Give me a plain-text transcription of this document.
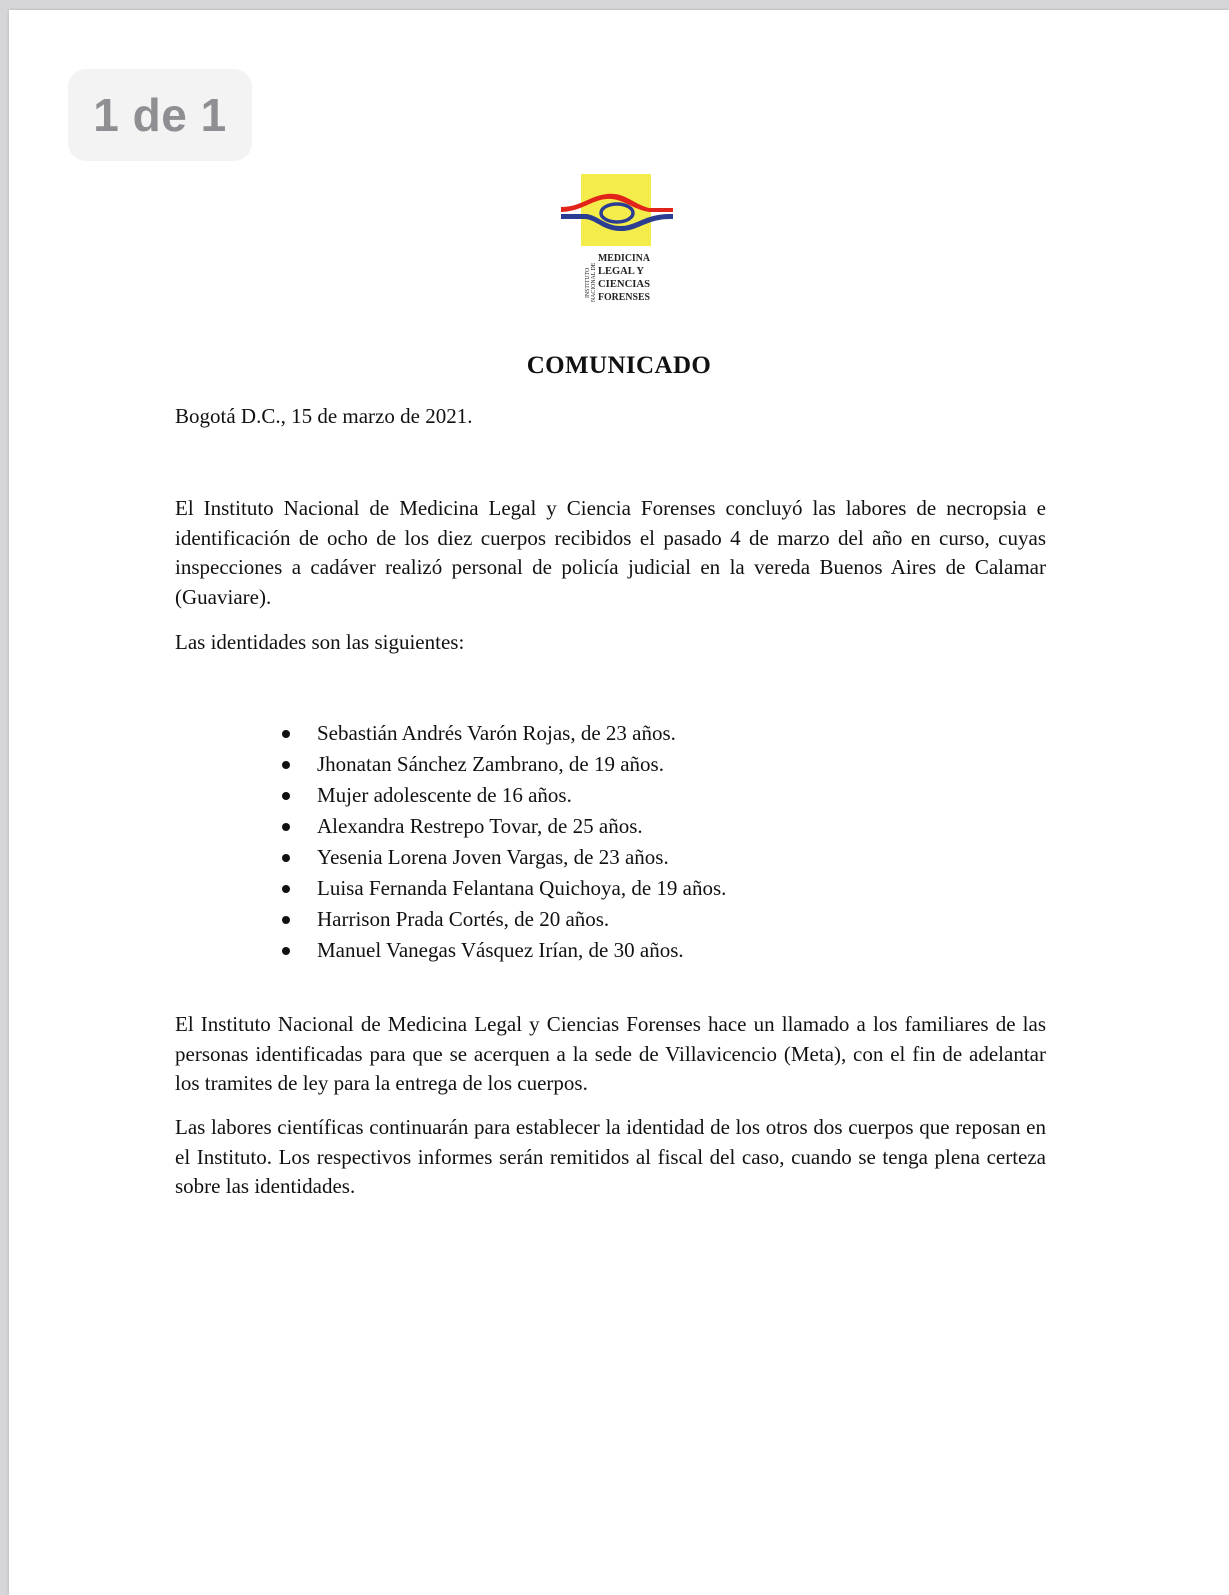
1 de 1
INSTITUTO NACIONAL DE
MEDICINA
LEGAL Y
CIENCIAS
FORENSES
COMUNICADO
Bogotá D.C., 15 de marzo de 2021.

El Instituto Nacional de Medicina Legal y Ciencia Forenses concluyó las labores de necropsia e identificación de ocho de los diez cuerpos recibidos el pasado 4 de marzo del año en curso, cuyas inspecciones a cadáver realizó personal de policía judicial en la vereda Buenos Aires de Calamar (Guaviare).

Las identidades son las siguientes:

Sebastián Andrés Varón Rojas, de 23 años.
Jhonatan Sánchez Zambrano, de 19 años.
Mujer adolescente de 16 años.
Alexandra Restrepo Tovar, de 25 años.
Yesenia Lorena Joven Vargas, de 23 años.
Luisa Fernanda Felantana Quichoya, de 19 años.
Harrison Prada Cortés, de 20 años.
Manuel Vanegas Vásquez Irían, de 30 años.

El Instituto Nacional de Medicina Legal y Ciencias Forenses hace un llamado a los familiares de las personas identificadas para que se acerquen a la sede de Villavicencio (Meta), con el fin de adelantar los tramites de ley para la entrega de los cuerpos.

Las labores científicas continuarán para establecer la identidad de los otros dos cuerpos que reposan en el Instituto. Los respectivos informes serán remitidos al fiscal del caso, cuando se tenga plena certeza sobre las identidades.
